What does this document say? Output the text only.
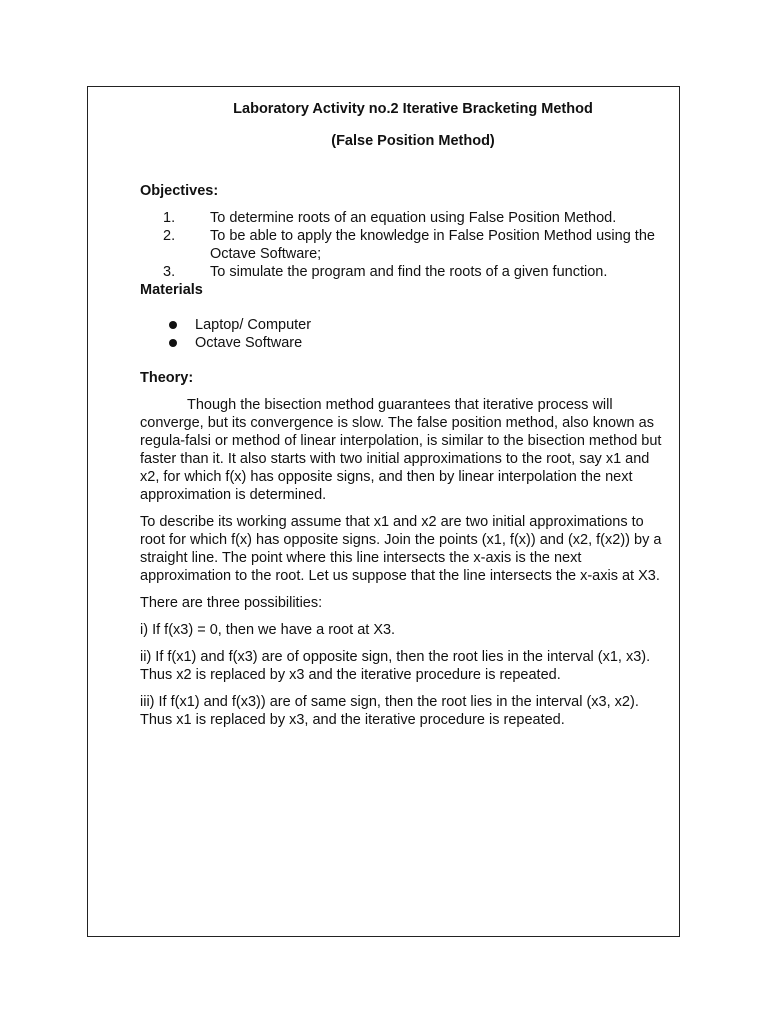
Laboratory Activity no.2 Iterative Bracketing Method
(False Position Method)

Objectives:

1. To determine roots of an equation using False Position Method.
2. To be able to apply the knowledge in False Position Method using the
Octave Software;
3. To simulate the program and find the roots of a given function.

Materials

Laptop/ Computer
Octave Software

Theory:

Though the bisection method guarantees that iterative process will converge, but its convergence is slow. The false position method, also known as regula-falsi or method of linear interpolation, is similar to the bisection method but faster than it. It also starts with two initial approximations to the root, say x1 and x2, for which f(x) has opposite signs, and then by linear interpolation the next approximation is determined.

To describe its working assume that x1 and x2 are two initial approximations to root for which f(x) has opposite signs. Join the points (x1, f(x)) and (x2, f(x2)) by a straight line. The point where this line intersects the x-axis is the next approximation to the root. Let us suppose that the line intersects the x-axis at X3.

There are three possibilities:

i) If f(x3) = 0, then we have a root at X3.

ii) If f(x1) and f(x3) are of opposite sign, then the root lies in the interval (x1, x3). Thus x2 is replaced by x3 and the iterative procedure is repeated.

iii) If f(x1) and f(x3)) are of same sign, then the root lies in the interval (x3, x2). Thus x1 is replaced by x3, and the iterative procedure is repeated.
